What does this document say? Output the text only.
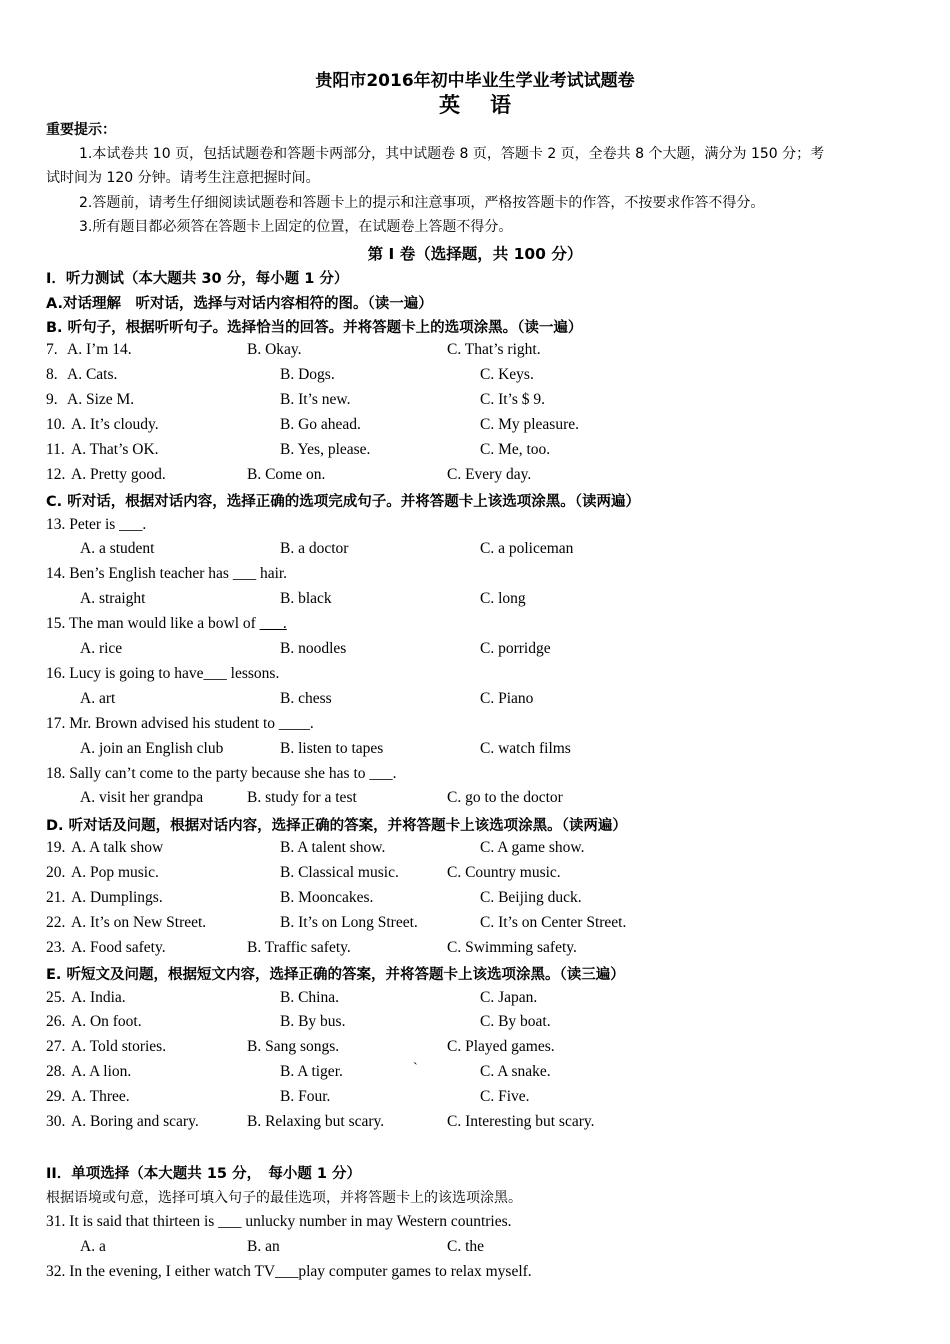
贵阳市2016年初中毕业生学业考试试题卷
英语
重要提示：
1.本试卷共 10 页，包括试题卷和答题卡两部分，其中试题卷 8 页，答题卡 2 页，全卷共 8 个大题，满分为 150 分；考
试时间为 120 分钟。请考生注意把握时间。
2.答题前，请考生仔细阅读试题卷和答题卡上的提示和注意事项，严格按答题卡的作答，不按要求作答不得分。
3.所有题目都必须答在答题卡上固定的位置，在试题卷上答题不得分。
第 I 卷（选择题，共 100 分）
I．听力测试（本大题共 30 分，每小题 1 分）
A.对话理解　听对话，选择与对话内容相符的图。（读一遍）
B. 听句子，根据听听句子。选择恰当的回答。并将答题卡上的选项涂黑。（读一遍）
7. A. I’m 14.	B. Okay.	C. That’s right.
8. A. Cats.	B. Dogs.	C. Keys.
9. A. Size M.	B. It’s new.	C. It’s $ 9.
10. A. It’s cloudy.	B. Go ahead.	C. My pleasure.
11. A. That’s OK.	B. Yes, please.	C. Me, too.
12. A. Pretty good.	B. Come on.	C. Every day.
C. 听对话，根据对话内容，选择正确的选项完成句子。并将答题卡上该选项涂黑。（读两遍）
13. Peter is ___.
A. a student	B. a doctor	C. a policeman
14. Ben’s English teacher has ___ hair.
A. straight	B. black	C. long
15. The man would like a bowl of ___.
A. rice	B. noodles	C. porridge
16. Lucy is going to have___ lessons.
A. art	B. chess	C. Piano
17. Mr. Brown advised his student to ____.
A. join an English club	B. listen to tapes	C. watch films
18. Sally can’t come to the party because she has to ___.
A. visit her grandpa	B. study for a test	C. go to the doctor
D. 听对话及问题，根据对话内容，选择正确的答案，并将答题卡上该选项涂黑。（读两遍）
19. A. A talk show	B. A talent show.	C. A game show.
20. A. Pop music.	B. Classical music.	C. Country music.
21. A. Dumplings.	B. Mooncakes.	C. Beijing duck.
22. A. It’s on New Street.	B. It’s on Long Street.	C. It’s on Center Street.
23. A. Food safety.	B. Traffic safety.	C. Swimming safety.
E. 听短文及问题，根据短文内容，选择正确的答案，并将答题卡上该选项涂黑。（读三遍）
25. A. India.	B. China.	C. Japan.
26. A. On foot.	B. By bus.	C. By boat.
27. A. Told stories.	B. Sang songs.	C. Played games.
28. A. A lion.	B. A tiger.	`	C. A snake.
29. A. Three.	B. Four.	C. Five.
30. A. Boring and scary.	B. Relaxing but scary.	C. Interesting but scary.
II．单项选择（本大题共 15 分，　每小题 1 分）
根据语境或句意，选择可填入句子的最佳选项，并将答题卡上的该选项涂黑。
31. It is said that thirteen is ___ unlucky number in may Western countries.
A. a	B. an	C. the
32. In the evening, I either watch TV___play computer games to relax myself.
